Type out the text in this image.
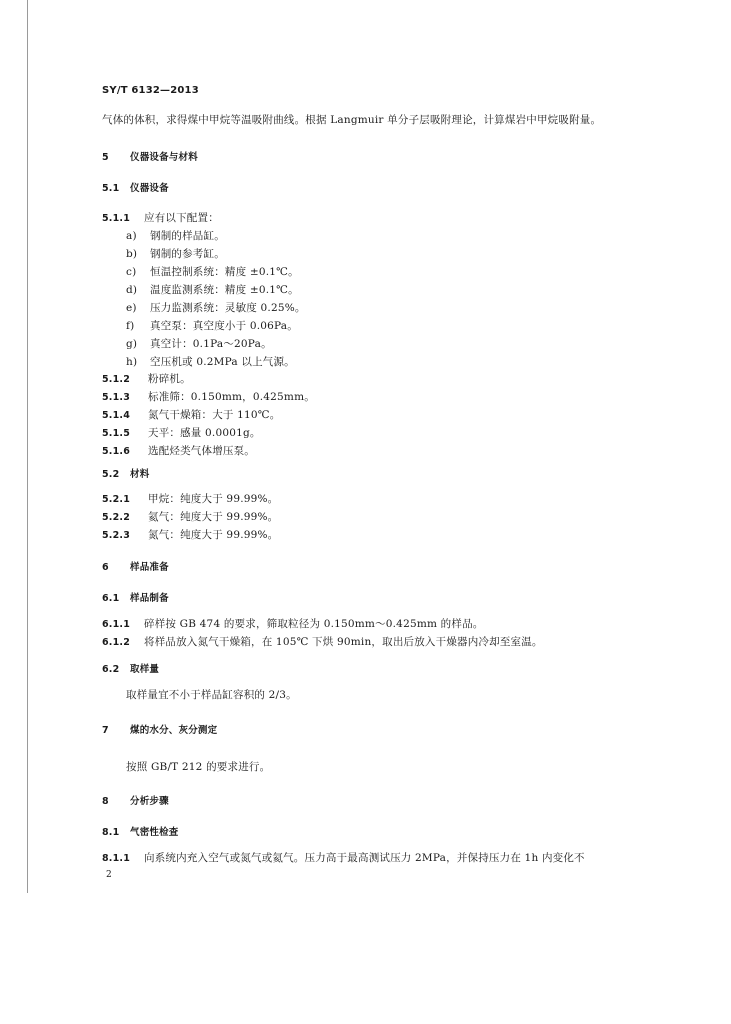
SY/T 6132—2013
气体的体积，求得煤中甲烷等温吸附曲线。根据 Langmuir 单分子层吸附理论，计算煤岩中甲烷吸附量。
5 仪器设备与材料
5.1 仪器设备
5.1.1 应有以下配置：
a) 钢制的样品缸。
b) 钢制的参考缸。
c) 恒温控制系统：精度 ±0.1℃。
d) 温度监测系统：精度 ±0.1℃。
e) 压力监测系统：灵敏度 0.25%。
f) 真空泵：真空度小于 0.06Pa。
g) 真空计：0.1Pa～20Pa。
h) 空压机或 0.2MPa 以上气源。
5.1.2 粉碎机。
5.1.3 标准筛：0.150mm，0.425mm。
5.1.4 氮气干燥箱：大于 110℃。
5.1.5 天平：感量 0.0001g。
5.1.6 选配烃类气体增压泵。
5.2 材料
5.2.1 甲烷：纯度大于 99.99%。
5.2.2 氦气：纯度大于 99.99%。
5.2.3 氮气：纯度大于 99.99%。
6 样品准备
6.1 样品制备
6.1.1 碎样按 GB 474 的要求，筛取粒径为 0.150mm～0.425mm 的样品。
6.1.2 将样品放入氮气干燥箱，在 105℃ 下烘 90min，取出后放入干燥器内冷却至室温。
6.2 取样量
取样量宜不小于样品缸容积的 2/3。
7 煤的水分、灰分测定
按照 GB/T 212 的要求进行。
8 分析步骤
8.1 气密性检查
8.1.1 向系统内充入空气或氮气或氦气。压力高于最高测试压力 2MPa，并保持压力在 1h 内变化不
2
